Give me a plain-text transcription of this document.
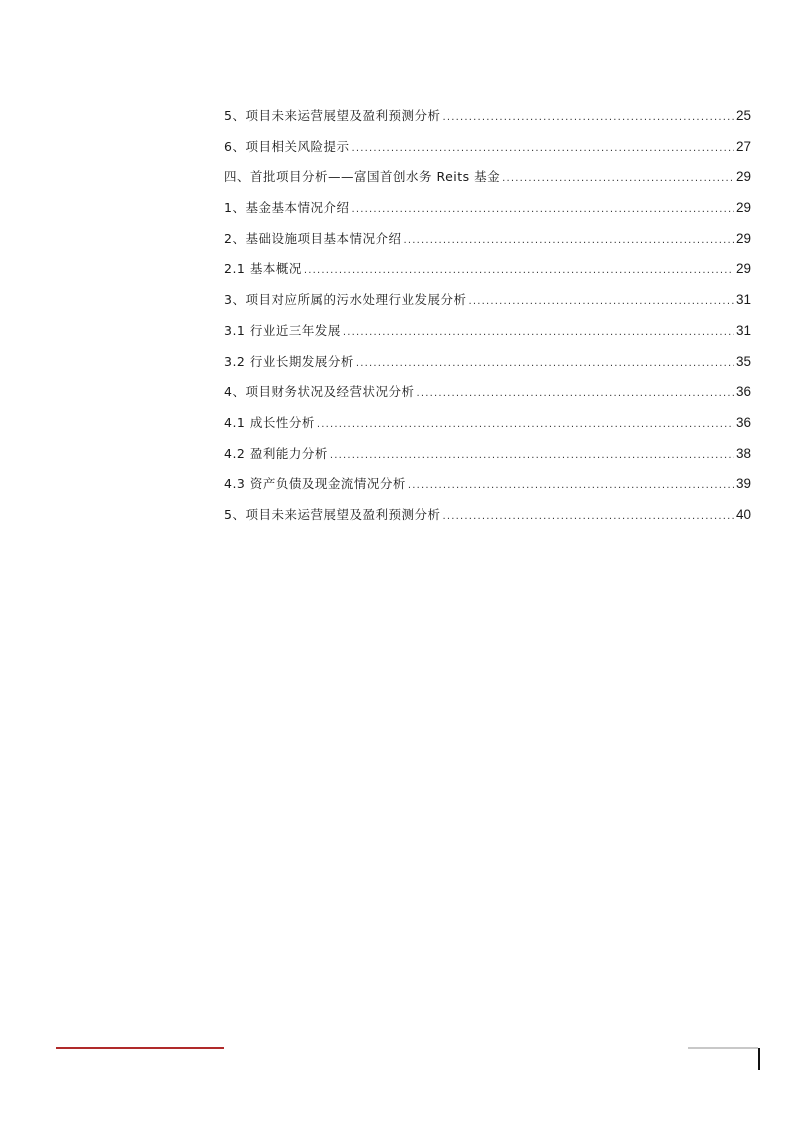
5、项目未来运营展望及盈利预测分析 .....	25
6、项目相关风险提示 .....	27
四、首批项目分析——富国首创水务 Reits 基金 .....	29
1、基金基本情况介绍 .....	29
2、基础设施项目基本情况介绍 .....	29
2.1 基本概况 .....	29
3、项目对应所属的污水处理行业发展分析 .....	31
3.1 行业近三年发展 .....	31
3.2 行业长期发展分析 .....	35
4、项目财务状况及经营状况分析 .....	36
4.1 成长性分析 .....	36
4.2 盈利能力分析 .....	38
4.3 资产负债及现金流情况分析 .....	39
5、项目未来运营展望及盈利预测分析 .....	40
